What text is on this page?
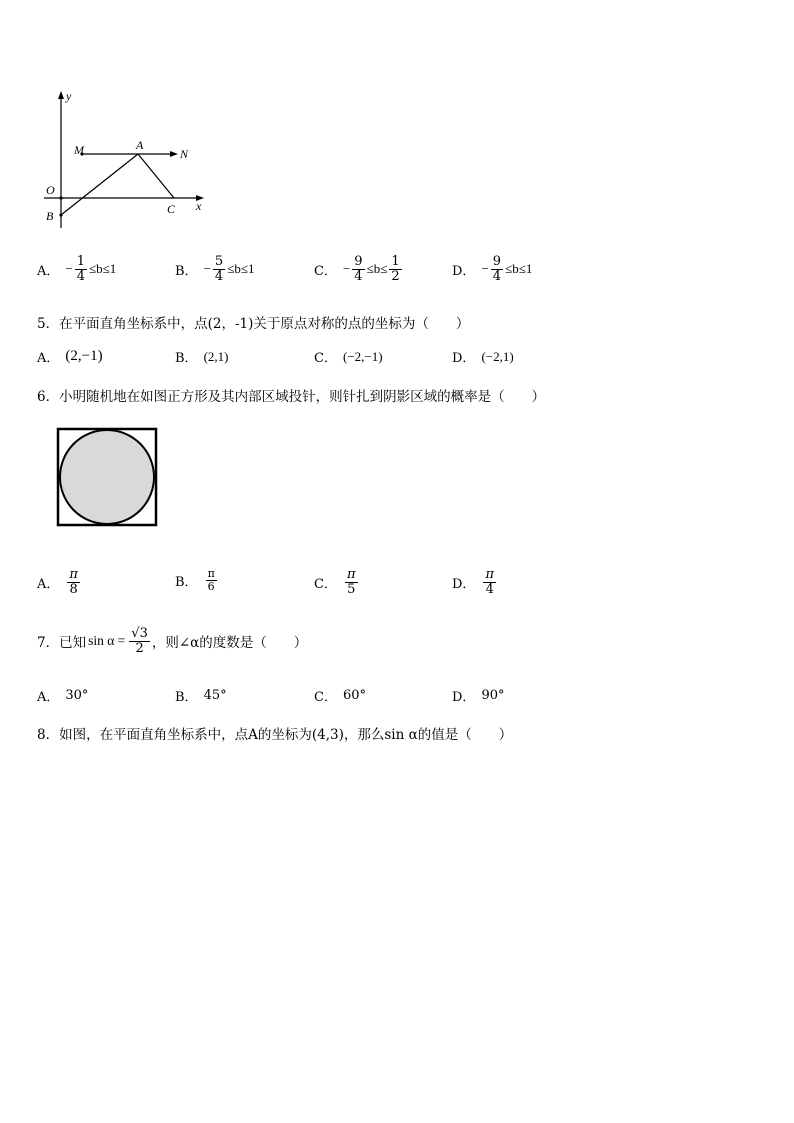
y
x
O
M	A
N
B	C
A． − $\frac{1}{4} \le b\le 1$	B． − $\frac{5}{4} \le b\le 1$	C． − $\frac{9}{4} \le b\le \frac{1}{2}$	D． − $\frac{9}{4} \le b\le 1$
5．在平面直角坐标系中，点(2，-1)关于原点对称的点的坐标为（　　）
A． (2,−1)	B． (2,1)	C． (−2,−1)	D． (−2,1)
6．小明随机地在如图正方形及其内部区域投针，则针扎到阴影区域的概率是（　　）
A． $\frac{\pi}{8}$	B． $\frac{\pi}{6}$	C． $\frac{\pi}{5}$	D． $\frac{\pi}{4}$
7．已知 $\sin \alpha = \frac{√3}{2}$ ，则∠α的度数是（　　）
A． 30°	B． 45°	C． 60°	D． 90°
8．如图，在平面直角坐标系中，点A的坐标为(4,3)，那么sin α的值是（　　）
